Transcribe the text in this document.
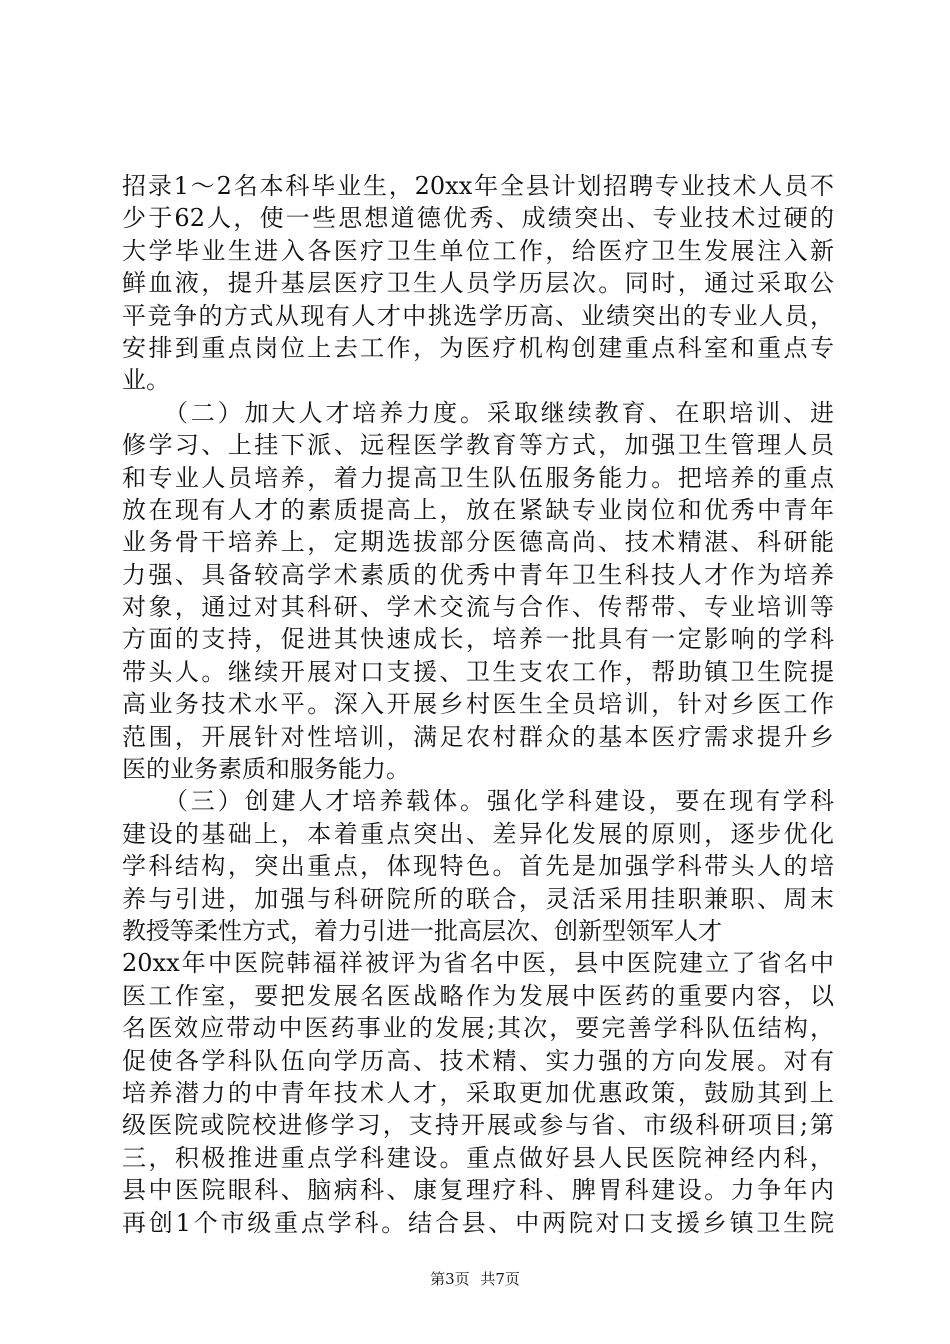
招录1～2名本科毕业生，20xx年全县计划招聘专业技术人员不
少于62人，使一些思想道德优秀、成绩突出、专业技术过硬的
大学毕业生进入各医疗卫生单位工作，给医疗卫生发展注入新
鲜血液，提升基层医疗卫生人员学历层次。同时，通过采取公
平竞争的方式从现有人才中挑选学历高、业绩突出的专业人员，
安排到重点岗位上去工作，为医疗机构创建重点科室和重点专
业。
　　（二）加大人才培养力度。采取继续教育、在职培训、进
修学习、上挂下派、远程医学教育等方式，加强卫生管理人员
和专业人员培养，着力提高卫生队伍服务能力。把培养的重点
放在现有人才的素质提高上，放在紧缺专业岗位和优秀中青年
业务骨干培养上，定期选拔部分医德高尚、技术精湛、科研能
力强、具备较高学术素质的优秀中青年卫生科技人才作为培养
对象，通过对其科研、学术交流与合作、传帮带、专业培训等
方面的支持，促进其快速成长，培养一批具有一定影响的学科
带头人。继续开展对口支援、卫生支农工作，帮助镇卫生院提
高业务技术水平。深入开展乡村医生全员培训，针对乡医工作
范围，开展针对性培训，满足农村群众的基本医疗需求提升乡
医的业务素质和服务能力。
　　（三）创建人才培养载体。强化学科建设，要在现有学科
建设的基础上，本着重点突出、差异化发展的原则，逐步优化
学科结构，突出重点，体现特色。首先是加强学科带头人的培
养与引进，加强与科研院所的联合，灵活采用挂职兼职、周末
教授等柔性方式，着力引进一批高层次、创新型领军人才
20xx年中医院韩福祥被评为省名中医，县中医院建立了省名中
医工作室，要把发展名医战略作为发展中医药的重要内容，以
名医效应带动中医药事业的发展;其次，要完善学科队伍结构，
促使各学科队伍向学历高、技术精、实力强的方向发展。对有
培养潜力的中青年技术人才，采取更加优惠政策，鼓励其到上
级医院或院校进修学习，支持开展或参与省、市级科研项目;第
三，积极推进重点学科建设。重点做好县人民医院神经内科，
县中医院眼科、脑病科、康复理疗科、脾胃科建设。力争年内
再创1个市级重点学科。结合县、中两院对口支援乡镇卫生院
第3页 共7页
